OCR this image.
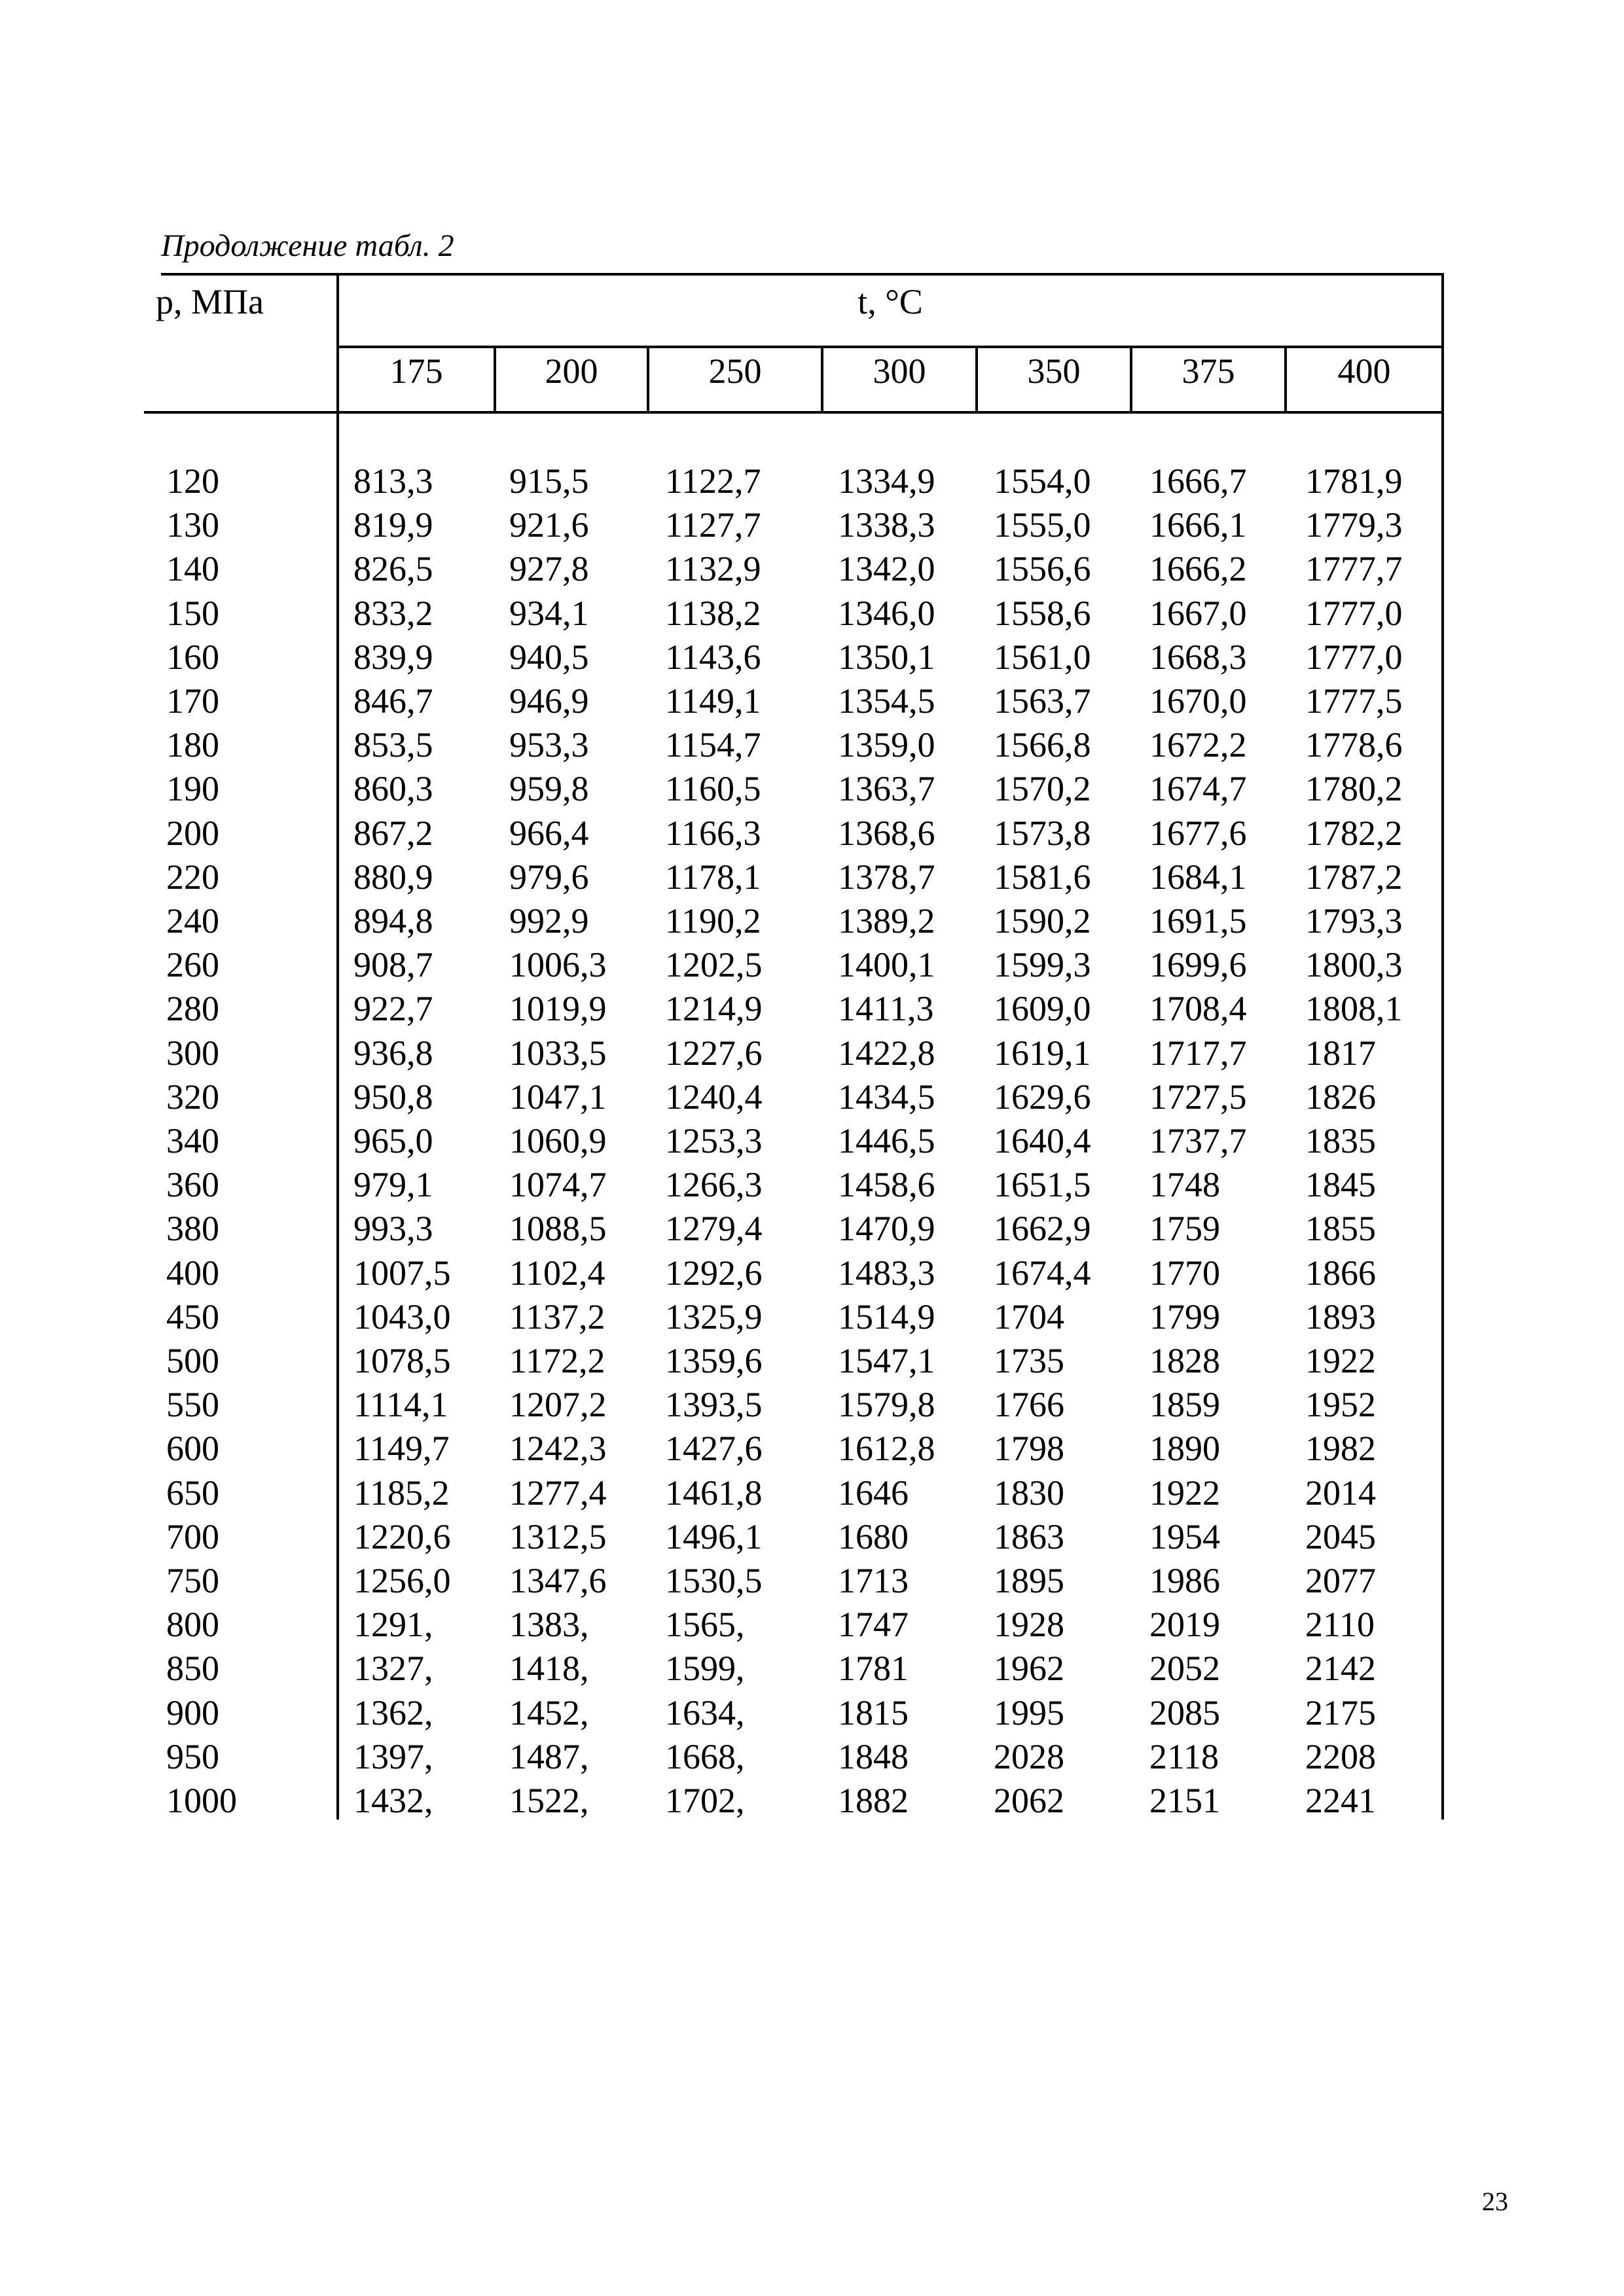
Продолжение табл. 2
p, МПа	t, °C
175	200	250	300	350	375	400
120	813,3 915,5 1122,7 1334,9 1554,0 1666,7 1781,9
130	819,9 921,6 1127,7 1338,3 1555,0 1666,1 1779,3
140	826,5 927,8 1132,9 1342,0 1556,6 1666,2 1777,7
150	833,2 934,1 1138,2 1346,0 1558,6 1667,0 1777,0
160	839,9 940,5 1143,6 1350,1 1561,0 1668,3 1777,0
170	846,7 946,9 1149,1 1354,5 1563,7 1670,0 1777,5
180	853,5 953,3 1154,7 1359,0 1566,8 1672,2 1778,6
190	860,3 959,8 1160,5 1363,7 1570,2 1674,7 1780,2
200	867,2 966,4 1166,3 1368,6 1573,8 1677,6 1782,2
220	880,9 979,6 1178,1 1378,7 1581,6 1684,1 1787,2
240	894,8 992,9 1190,2 1389,2 1590,2 1691,5 1793,3
260	908,7 1006,3 1202,5 1400,1 1599,3 1699,6 1800,3
280	922,7 1019,9 1214,9 1411,3 1609,0 1708,4 1808,1
300	936,8 1033,5 1227,6 1422,8 1619,1 1717,7 1817
320	950,8 1047,1 1240,4 1434,5 1629,6 1727,5 1826
340	965,0 1060,9 1253,3 1446,5 1640,4 1737,7 1835
360	979,1 1074,7 1266,3 1458,6 1651,5 1748 1845
380	993,3 1088,5 1279,4 1470,9 1662,9 1759 1855
400	1007,5 1102,4 1292,6 1483,3 1674,4 1770 1866
450	1043,0 1137,2 1325,9 1514,9 1704 1799 1893
500	1078,5 1172,2 1359,6 1547,1 1735 1828 1922
550	1114,1 1207,2 1393,5 1579,8 1766 1859 1952
600	1149,7 1242,3 1427,6 1612,8 1798 1890 1982
650	1185,2 1277,4 1461,8 1646 1830 1922 2014
700	1220,6 1312,5 1496,1 1680 1863 1954 2045
750	1256,0 1347,6 1530,5 1713 1895 1986 2077
800	1291, 1383, 1565,	1747 1928 2019 2110
850	1327, 1418, 1599,	1781 1962 2052 2142
900	1362, 1452, 1634,	1815 1995 2085 2175
950	1397, 1487, 1668,	1848 2028 2118 2208
1000	1432, 1522, 1702,	1882 2062 2151 2241
23
